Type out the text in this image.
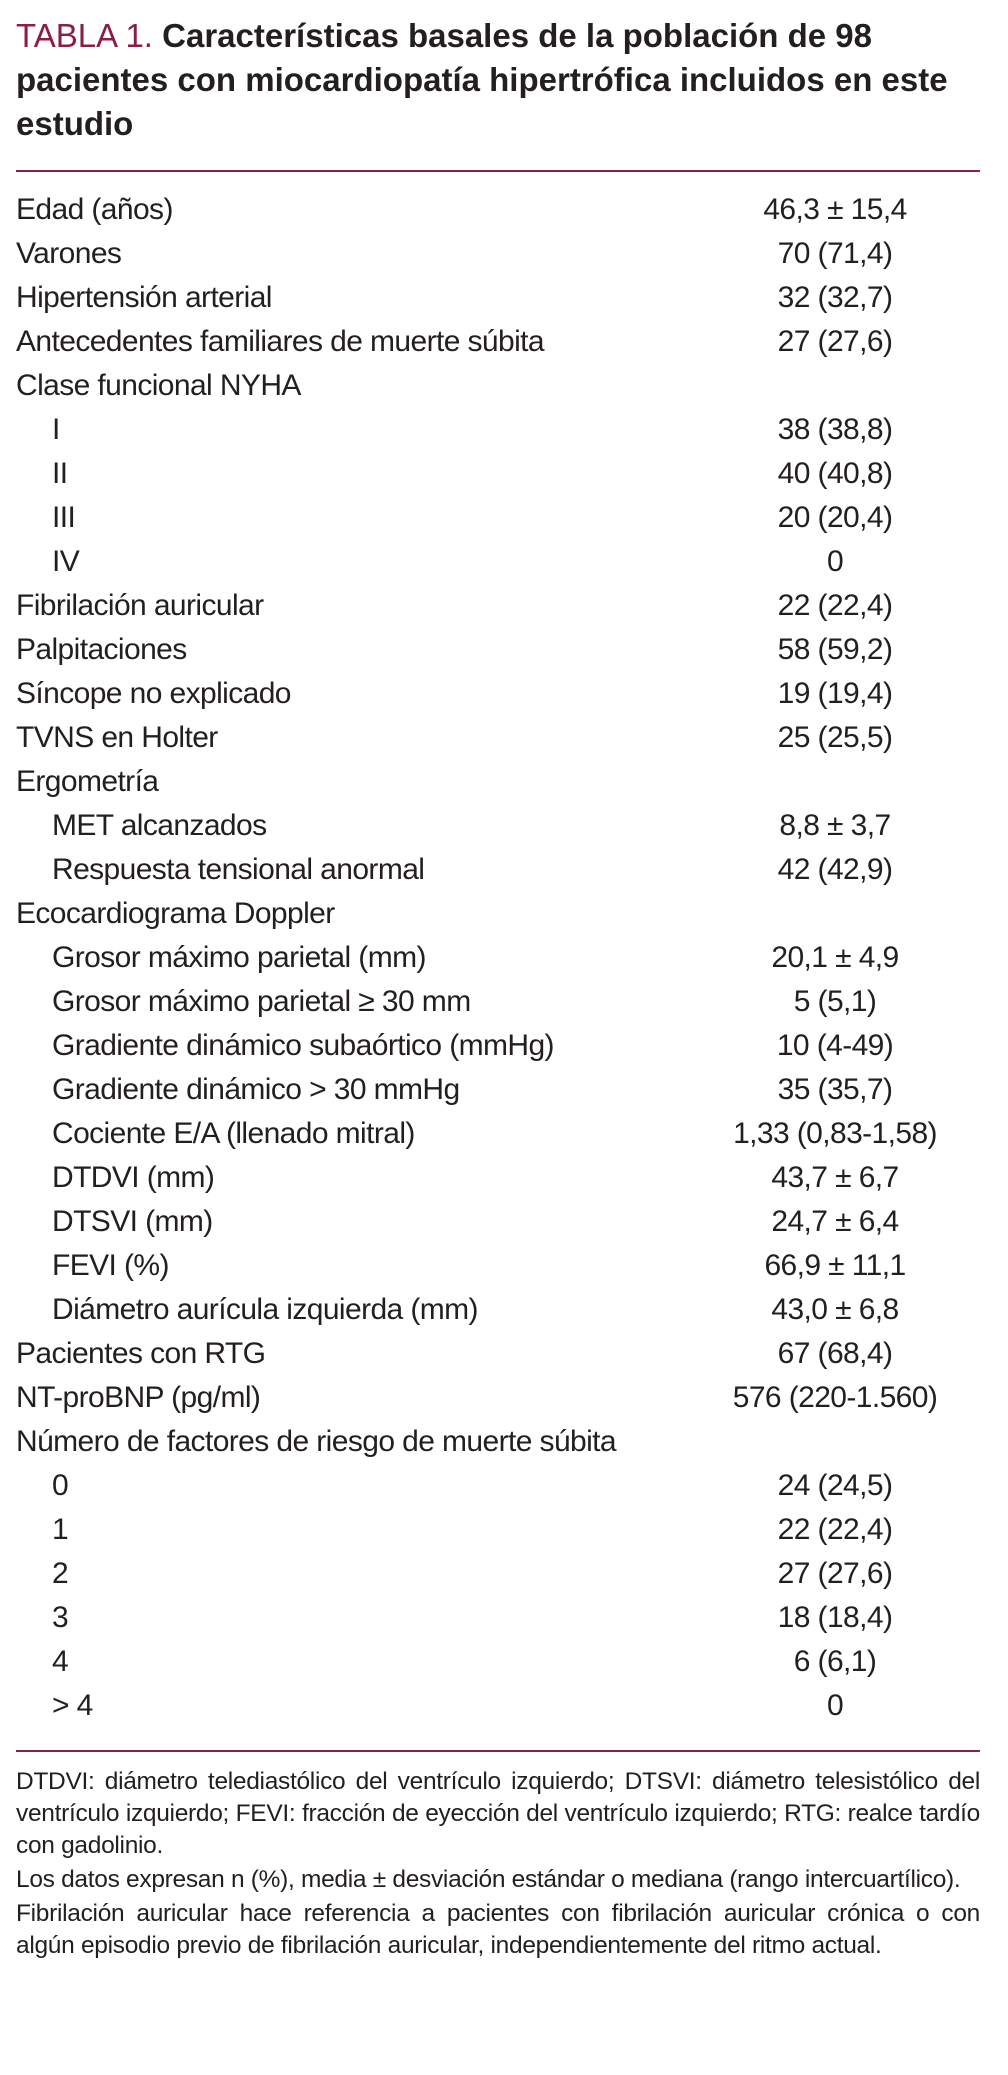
TABLA 1. Características basales de la población de 98 pacientes con miocardiopatía hipertrófica incluidos en este estudio
Edad (años)	46,3 ± 15,4
Varones	70 (71,4)
Hipertensión arterial	32 (32,7)
Antecedentes familiares de muerte súbita	27 (27,6)
Clase funcional NYHA
I	38 (38,8)
II	40 (40,8)
III	20 (20,4)
IV	0
Fibrilación auricular	22 (22,4)
Palpitaciones	58 (59,2)
Síncope no explicado	19 (19,4)
TVNS en Holter	25 (25,5)
Ergometría
MET alcanzados	8,8 ± 3,7
Respuesta tensional anormal	42 (42,9)
Ecocardiograma Doppler
Grosor máximo parietal (mm)	20,1 ± 4,9
Grosor máximo parietal ≥ 30 mm	5 (5,1)
Gradiente dinámico subaórtico (mmHg)	10 (4-49)
Gradiente dinámico > 30 mmHg	35 (35,7)
Cociente E/A (llenado mitral)	1,33 (0,83-1,58)
DTDVI (mm)	43,7 ± 6,7
DTSVI (mm)	24,7 ± 6,4
FEVI (%)	66,9 ± 11,1
Diámetro aurícula izquierda (mm)	43,0 ± 6,8
Pacientes con RTG	67 (68,4)
NT-proBNP (pg/ml)	576 (220-1.560)
Número de factores de riesgo de muerte súbita
0	24 (24,5)
1	22 (22,4)
2	27 (27,6)
3	18 (18,4)
4	6 (6,1)
> 4	0

DTDVI: diámetro telediastólico del ventrículo izquierdo; DTSVI: diámetro telesistólico del ventrículo izquierdo; FEVI: fracción de eyección del ventrículo izquierdo; RTG: realce tardío con gadolinio.

Los datos expresan n (%), media ± desviación estándar o mediana (rango intercuartílico).

Fibrilación auricular hace referencia a pacientes con fibrilación auricular crónica o con algún episodio previo de fibrilación auricular, independientemente del ritmo actual.
